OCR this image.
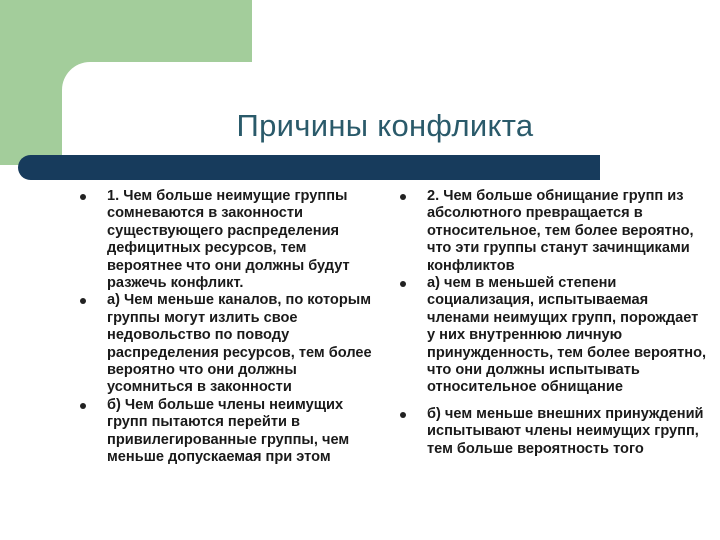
Причины конфликта
1. Чем больше неимущие группы сомневаются в законности существующего распределения дефицитных ресурсов, тем вероятнее что они должны будут разжечь конфликт.
а) Чем меньше каналов, по которым группы могут излить свое недовольство по поводу распределения ресурсов, тем более вероятно что они должны усомниться в законности
б) Чем больше члены неимущих групп пытаются перейти в привилегированные группы, чем меньше допускаемая при этом
2. Чем больше обнищание групп из абсолютного превращается в относительное, тем более вероятно, что эти группы станут зачинщиками конфликтов
а) чем в меньшей степени социализация, испытываемая членами неимущих групп, порождает у них внутреннюю личную принужденность, тем более вероятно, что они должны испытывать относительное обнищание
б) чем меньше внешних принуждений испытывают члены неимущих групп, тем больше вероятность того
